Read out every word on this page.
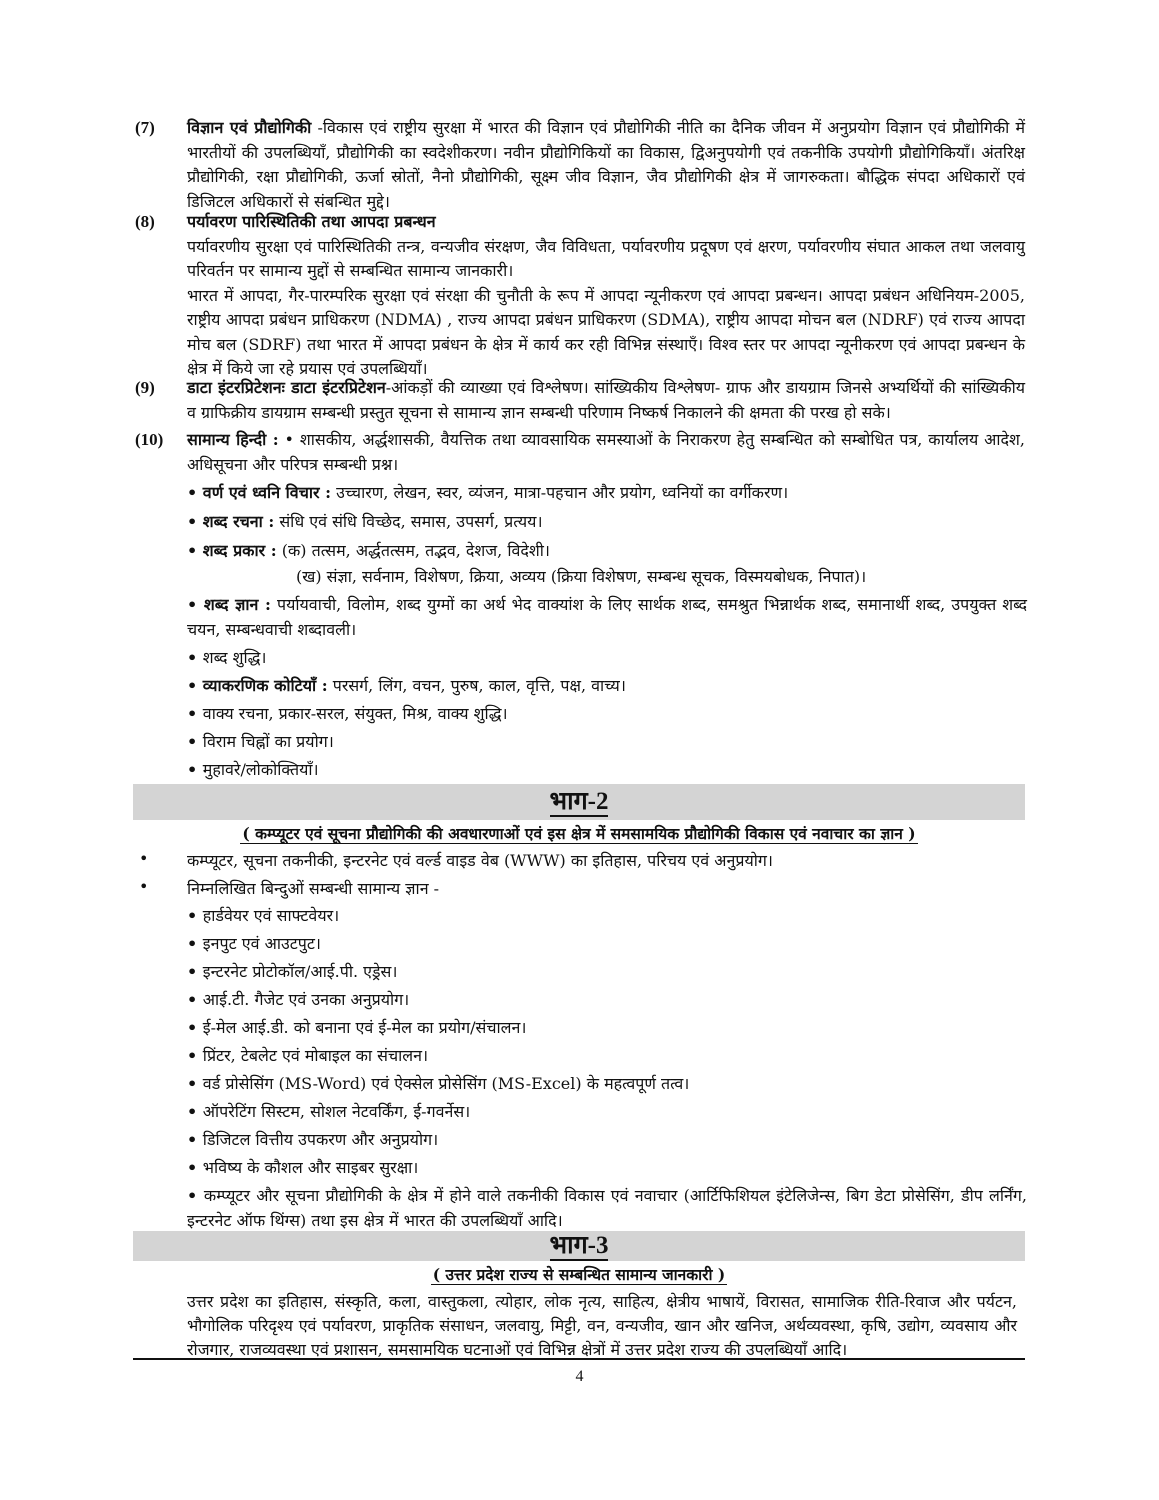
(7) विज्ञान एवं प्रौद्योगिकी -विकास एवं राष्ट्रीय सुरक्षा में भारत की विज्ञान एवं प्रौद्योगिकी नीति का दैनिक जीवन में अनुप्रयोग विज्ञान एवं प्रौद्योगिकी में भारतीयों की उपलब्धियाँ, प्रौद्योगिकी का स्वदेशीकरण। नवीन प्रौद्योगिकियों का विकास, द्विअनुपयोगी एवं तकनीकि उपयोगी प्रौद्योगिकियाँ। अंतरिक्ष प्रौद्योगिकी, रक्षा प्रौद्योगिकी, ऊर्जा स्रोतों, नैनो प्रौद्योगिकी, सूक्ष्म जीव विज्ञान, जैव प्रौद्योगिकी क्षेत्र में जागरुकता। बौद्धिक संपदा अधिकारों एवं डिजिटल अधिकारों से संबन्धित मुद्दे।
(8) पर्यावरण पारिस्थितिकी तथा आपदा प्रबन्धन
पर्यावरणीय सुरक्षा एवं पारिस्थितिकी तन्त्र, वन्यजीव संरक्षण, जैव विविधता, पर्यावरणीय प्रदूषण एवं क्षरण, पर्यावरणीय संघात आकल तथा जलवायु परिवर्तन पर सामान्य मुद्दों से सम्बन्धित सामान्य जानकारी।
भारत में आपदा, गैर-पारम्परिक सुरक्षा एवं संरक्षा की चुनौती के रूप में आपदा न्यूनीकरण एवं आपदा प्रबन्धन। आपदा प्रबंधन अधिनियम-2005, राष्ट्रीय आपदा प्रबंधन प्राधिकरण (NDMA) , राज्य आपदा प्रबंधन प्राधिकरण (SDMA), राष्ट्रीय आपदा मोचन बल (NDRF) एवं राज्य आपदा मोच बल (SDRF) तथा भारत में आपदा प्रबंधन के क्षेत्र में कार्य कर रही विभिन्न संस्थाएँ। विश्व स्तर पर आपदा न्यूनीकरण एवं आपदा प्रबन्धन के क्षेत्र में किये जा रहे प्रयास एवं उपलब्धियाँ।
(9) डाटा इंटरप्रिटेशनः डाटा इंटरप्रिटेशन-आंकड़ों की व्याख्या एवं विश्लेषण। सांख्यिकीय विश्लेषण- ग्राफ और डायग्राम जिनसे अभ्यर्थियों की सांख्यिकीय व ग्राफिक्रीय डायग्राम सम्बन्धी प्रस्तुत सूचना से सामान्य ज्ञान सम्बन्धी परिणाम निष्कर्ष निकालने की क्षमता की परख हो सके।
(10) सामान्य हिन्दी : • शासकीय, अर्द्धशासकी, वैयत्तिक तथा व्यावसायिक समस्याओं के निराकरण हेतु सम्बन्धित को सम्बोधित पत्र, कार्यालय आदेश, अधिसूचना और परिपत्र सम्बन्धी प्रश्न।
• वर्ण एवं ध्वनि विचार : उच्चारण, लेखन, स्वर, व्यंजन, मात्रा-पहचान और प्रयोग, ध्वनियों का वर्गीकरण।
• शब्द रचना : संधि एवं संधि विच्छेद, समास, उपसर्ग, प्रत्यय।
• शब्द प्रकार : (क) तत्सम, अर्द्धतत्सम, तद्भव, देशज, विदेशी।
(ख) संज्ञा, सर्वनाम, विशेषण, क्रिया, अव्यय (क्रिया विशेषण, सम्बन्ध सूचक, विस्मयबोधक, निपात)।
• शब्द ज्ञान : पर्यायवाची, विलोम, शब्द युग्मों का अर्थ भेद वाक्यांश के लिए सार्थक शब्द, समश्रुत भिन्नार्थक शब्द, समानार्थी शब्द, उपयुक्त शब्द चयन, सम्बन्धवाची शब्दावली।
• शब्द शुद्धि।
• व्याकरणिक कोटियाँ : परसर्ग, लिंग, वचन, पुरुष, काल, वृत्ति, पक्ष, वाच्य।
• वाक्य रचना, प्रकार-सरल, संयुक्त, मिश्र, वाक्य शुद्धि।
• विराम चिह्नों का प्रयोग।
• मुहावरे/लोकोक्तियाँ।
भाग-2
( कम्प्यूटर एवं सूचना प्रौद्योगिकी की अवधारणाओं एवं इस क्षेत्र में समसामयिक प्रौद्योगिकी विकास एवं नवाचार का ज्ञान )
• कम्प्यूटर, सूचना तकनीकी, इन्टरनेट एवं वर्ल्ड वाइड वेब (WWW) का इतिहास, परिचय एवं अनुप्रयोग।
• निम्नलिखित बिन्दुओं सम्बन्धी सामान्य ज्ञान -
• हार्डवेयर एवं साफ्टवेयर।
• इनपुट एवं आउटपुट।
• इन्टरनेट प्रोटोकॉल/आई.पी. एड्रेस।
• आई.टी. गैजेट एवं उनका अनुप्रयोग।
• ई-मेल आई.डी. को बनाना एवं ई-मेल का प्रयोग/संचालन।
• प्रिंटर, टेबलेट एवं मोबाइल का संचालन।
• वर्ड प्रोसेसिंग (MS-Word) एवं ऐक्सेल प्रोसेसिंग (MS-Excel) के महत्वपूर्ण तत्व।
• ऑपरेटिंग सिस्टम, सोशल नेटवर्किंग, ई-गवर्नेस।
• डिजिटल वित्तीय उपकरण और अनुप्रयोग।
• भविष्य के कौशल और साइबर सुरक्षा।
• कम्प्यूटर और सूचना प्रौद्योगिकी के क्षेत्र में होने वाले तकनीकी विकास एवं नवाचार (आर्टिफिशियल इंटेलिजेन्स, बिग डेटा प्रोसेसिंग, डीप लर्निंग, इन्टरनेट ऑफ थिंग्स) तथा इस क्षेत्र में भारत की उपलब्धियाँ आदि।
भाग-3
( उत्तर प्रदेश राज्य से सम्बन्धित सामान्य जानकारी )
उत्तर प्रदेश का इतिहास, संस्कृति, कला, वास्तुकला, त्योहार, लोक नृत्य, साहित्य, क्षेत्रीय भाषायें, विरासत, सामाजिक रीति-रिवाज और पर्यटन, भौगोलिक परिदृश्य एवं पर्यावरण, प्राकृतिक संसाधन, जलवायु, मिट्टी, वन, वन्यजीव, खान और खनिज, अर्थव्यवस्था, कृषि, उद्योग, व्यवसाय और रोजगार, राजव्यवस्था एवं प्रशासन, समसामयिक घटनाओं एवं विभिन्न क्षेत्रों में उत्तर प्रदेश राज्य की उपलब्धियाँ आदि।
4
